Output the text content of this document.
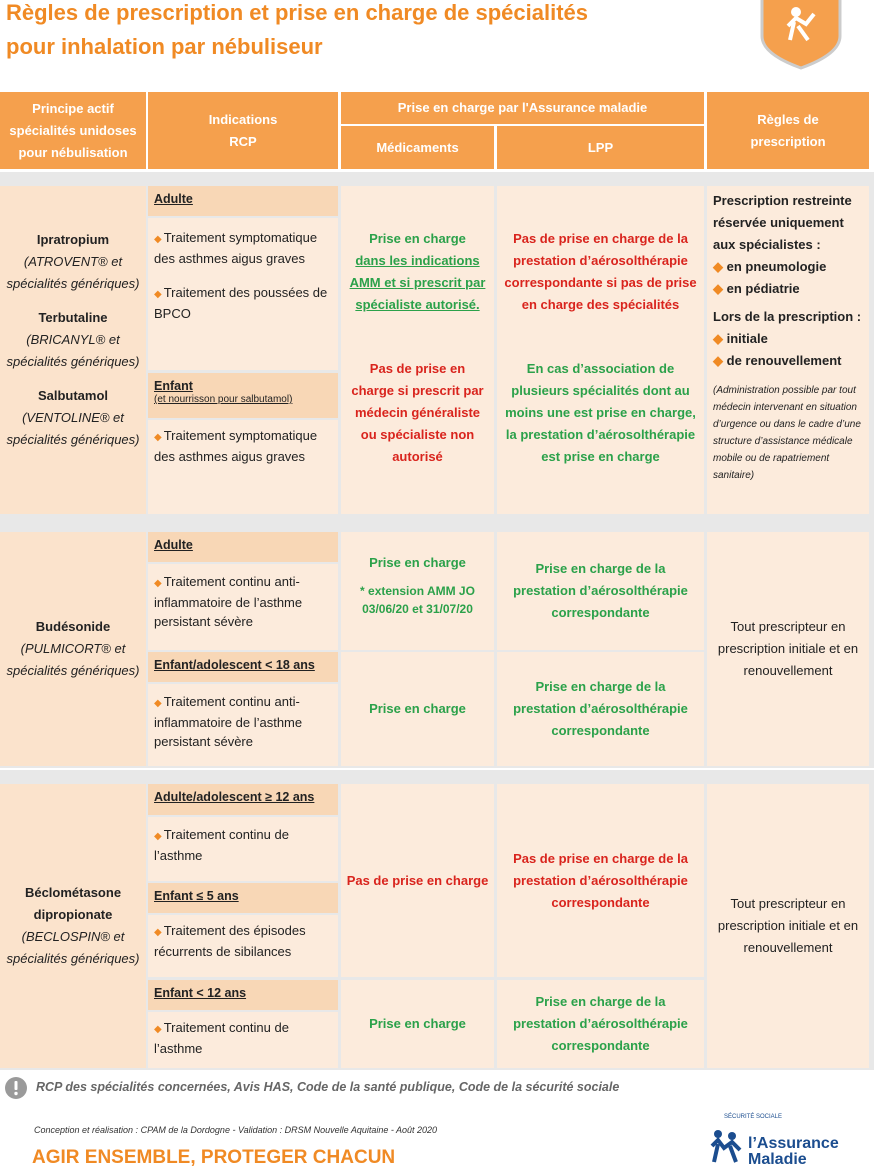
Règles de prescription et prise en charge de spécialités
pour inhalation par nébuliseur
Principe actif spécialités unidoses pour nébulisation
Indications RCP
Prise en charge par l'Assurance maladie
Médicaments	LPP
Règles de prescription
Ipratropium
(ATROVENT® et spécialités génériques)
Terbutaline
(BRICANYL® et spécialités génériques)
Salbutamol
(VENTOLINE® et spécialités génériques)
Adulte
◆ Traitement symptomatique des asthmes aigus graves
◆ Traitement des poussées de BPCO
Enfant
(et nourrisson pour salbutamol)
◆ Traitement symptomatique des asthmes aigus graves
Prise en charge
dans les indications AMM et si prescrit par spécialiste autorisé.
Pas de prise en charge si prescrit par médecin généraliste ou spécialiste non autorisé
Pas de prise en charge de la prestation d’aérosolthérapie correspondante si pas de prise en charge des spécialités
En cas d’association de plusieurs spécialités dont au moins une est prise en charge, la prestation d’aérosolthérapie est prise en charge
Prescription restreinte réservée uniquement aux spécialistes :
◆ en pneumologie
◆ en pédiatrie
Lors de la prescription :
◆ initiale
◆ de renouvellement
(Administration possible par tout médecin intervenant en situation d’urgence ou dans le cadre d’une structure d’assistance médicale mobile ou de rapatriement sanitaire)
Budésonide
(PULMICORT® et spécialités génériques)
Adulte
◆ Traitement continu anti-inflammatoire de l’asthme persistant sévère
Enfant/adolescent < 18 ans
◆ Traitement continu anti-inflammatoire de l’asthme persistant sévère
Prise en charge
* extension AMM JO 03/06/20 et 31/07/20
Prise en charge
Prise en charge de la prestation d’aérosolthérapie correspondante
Prise en charge de la prestation d’aérosolthérapie correspondante
Tout prescripteur en prescription initiale et en renouvellement
Béclométasone dipropionate
(BECLOSPIN® et spécialités génériques)
Adulte/adolescent ≥ 12 ans
◆ Traitement continu de l’asthme
Enfant ≤ 5 ans
◆ Traitement des épisodes récurrents de sibilances
Enfant < 12 ans
◆ Traitement continu de l’asthme
Pas de prise en charge
Prise en charge
Pas de prise en charge de la prestation d’aérosolthérapie correspondante
Prise en charge de la prestation d’aérosolthérapie correspondante
Tout prescripteur en prescription initiale et en renouvellement
RCP des spécialités concernées, Avis HAS, Code de la santé publique, Code de la sécurité sociale
Conception et réalisation : CPAM de la Dordogne - Validation : DRSM Nouvelle Aquitaine - Août 2020
AGIR ENSEMBLE, PROTEGER CHACUN
SÉCURITÉ SOCIALE
l’Assurance
Maladie
